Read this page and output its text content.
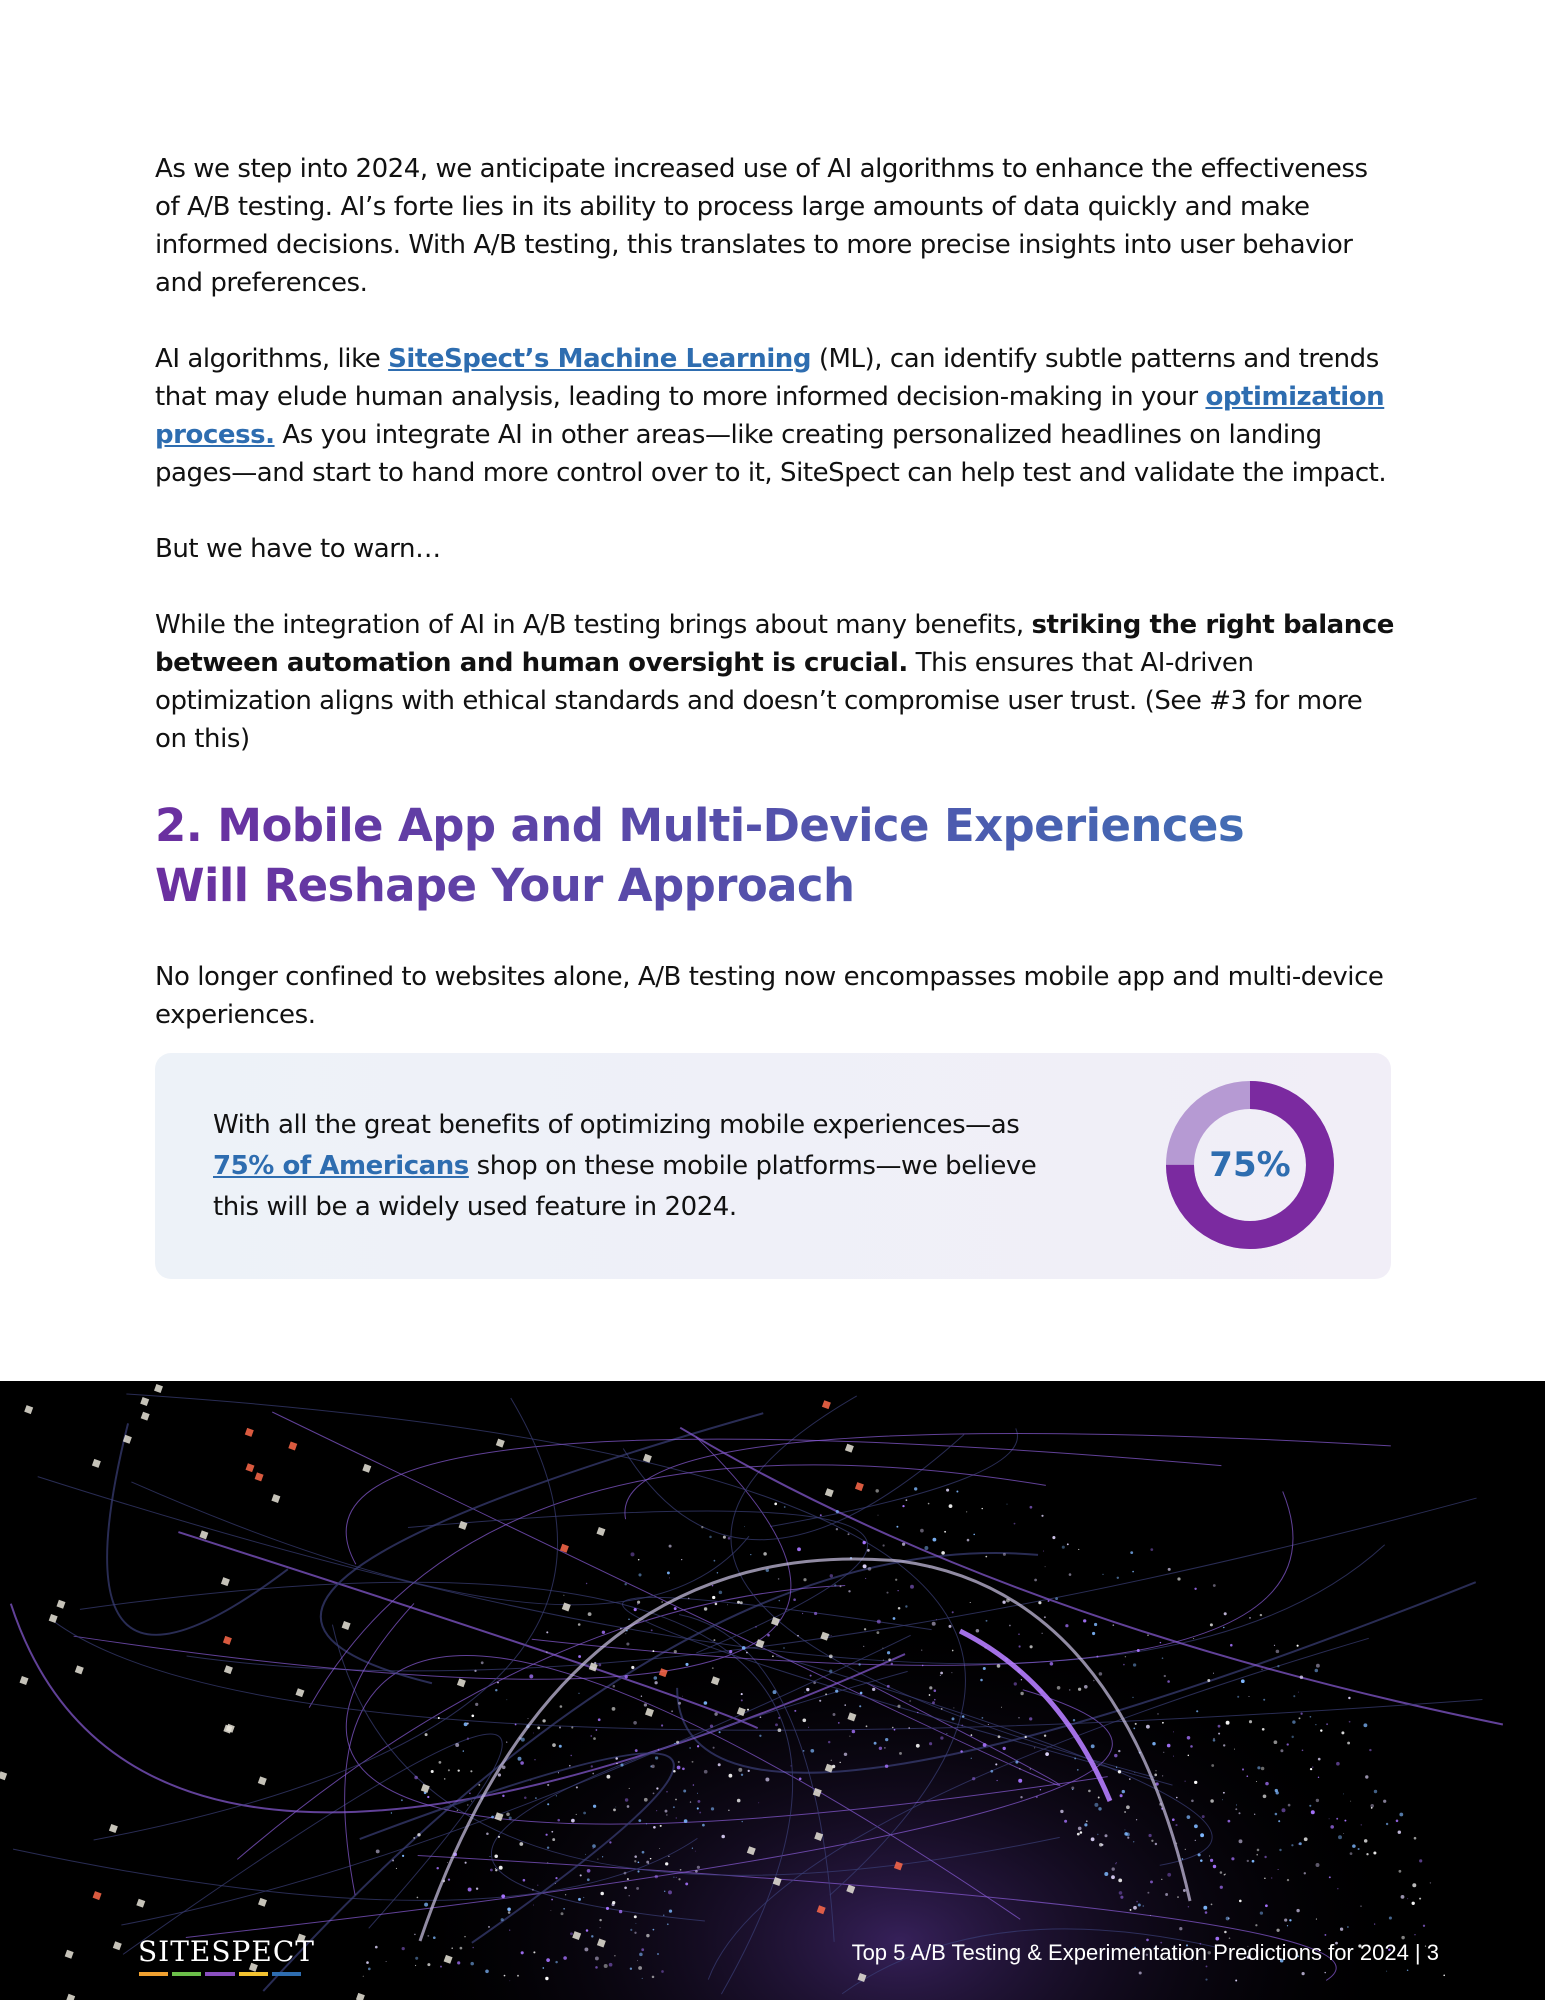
As we step into 2024, we anticipate increased use of AI algorithms to enhance the effectiveness of A/B testing. AI’s forte lies in its ability to process large amounts of data quickly and make informed decisions. With A/B testing, this translates to more precise insights into user behavior and preferences.

AI algorithms, like SiteSpect’s Machine Learning (ML), can identify subtle patterns and trends that may elude human analysis, leading to more informed decision-making in your optimization process. As you integrate AI in other areas—like creating personalized headlines on landing pages—and start to hand more control over to it, SiteSpect can help test and validate the impact.

But we have to warn…

While the integration of AI in A/B testing brings about many benefits, striking the right balance between automation and human oversight is crucial. This ensures that AI-driven optimization aligns with ethical standards and doesn’t compromise user trust. (See #3 for more on this)

2. Mobile App and Multi-Device Experiences
Will Reshape Your Approach

No longer confined to websites alone, A/B testing now encompasses mobile app and multi-device experiences.

With all the great benefits of optimizing mobile experiences—as 75% of Americans shop on these mobile platforms—we believe this will be a widely used feature in 2024.
75%
SITESPECT	Top 5 A/B Testing & Experimentation Predictions for 2024 | 3
